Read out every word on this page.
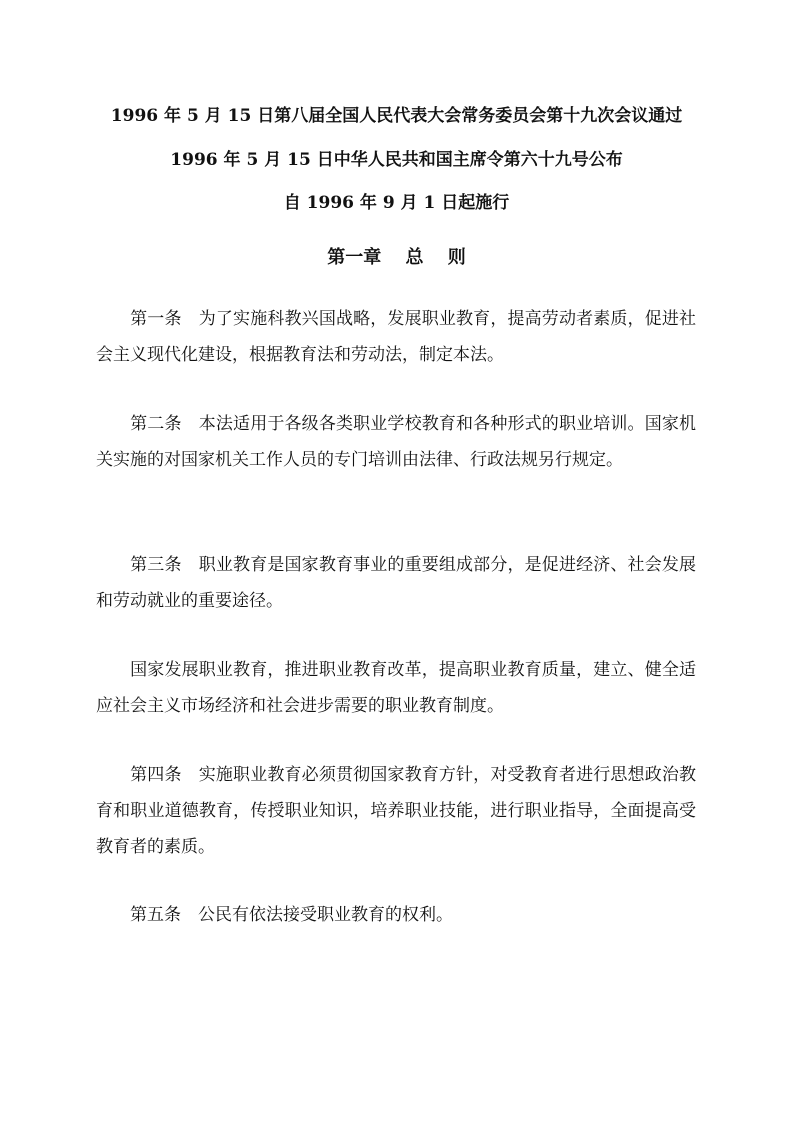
1996 年 5 月 15 日第八届全国人民代表大会常务委员会第十九次会议通过
1996 年 5 月 15 日中华人民共和国主席令第六十九号公布
自 1996 年 9 月 1 日起施行
第一章　 总　 则

第一条　为了实施科教兴国战略，发展职业教育，提高劳动者素质，促进社会主义现代化建设，根据教育法和劳动法，制定本法。

第二条　本法适用于各级各类职业学校教育和各种形式的职业培训。国家机关实施的对国家机关工作人员的专门培训由法律、行政法规另行规定。

第三条　职业教育是国家教育事业的重要组成部分，是促进经济、社会发展和劳动就业的重要途径。

国家发展职业教育，推进职业教育改革，提高职业教育质量，建立、健全适应社会主义市场经济和社会进步需要的职业教育制度。

第四条　实施职业教育必须贯彻国家教育方针，对受教育者进行思想政治教育和职业道德教育，传授职业知识，培养职业技能，进行职业指导，全面提高受教育者的素质。

第五条　公民有依法接受职业教育的权利。
